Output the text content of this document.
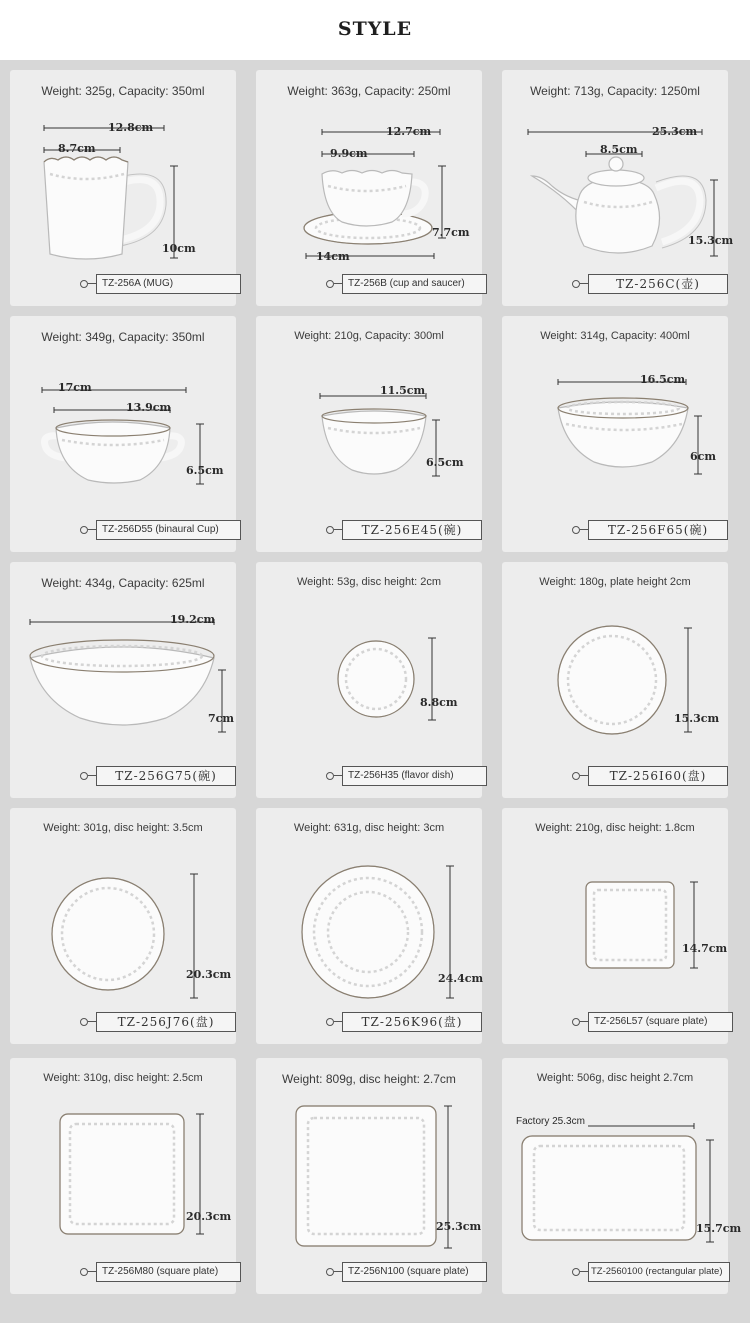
STYLE
Weight: 325g, Capacity: 350ml
12.8cm
8.7cm
10cm
TZ-256A (MUG)
Weight: 363g, Capacity: 250ml
12.7cm
9.9cm
7.7cm
14cm
TZ-256B (cup and saucer)
Weight: 713g, Capacity: 1250ml
25.3cm
8.5cm
15.3cm
TZ-256C(壶)
Weight: 349g, Capacity: 350ml
17cm
13.9cm
6.5cm
TZ-256D55 (binaural Cup)
Weight: 210g, Capacity: 300ml
11.5cm
6.5cm
TZ-256E45(碗)
Weight: 314g, Capacity: 400ml
16.5cm
6cm
TZ-256F65(碗)
Weight: 434g, Capacity: 625ml
19.2cm
7cm
TZ-256G75(碗)
Weight: 53g, disc height: 2cm
8.8cm
TZ-256H35 (flavor dish)
Weight: 180g, plate height 2cm
15.3cm
TZ-256I60(盘)
Weight: 301g, disc height: 3.5cm
20.3cm
TZ-256J76(盘)
Weight: 631g, disc height: 3cm
24.4cm
TZ-256K96(盘)
Weight: 210g, disc height: 1.8cm
14.7cm
TZ-256L57 (square plate)
Weight: 310g, disc height: 2.5cm
20.3cm
TZ-256M80 (square plate)
Weight: 809g, disc height: 2.7cm
25.3cm
TZ-256N100 (square plate)
Weight: 506g, disc height 2.7cm
Factory 25.3cm
15.7cm
TZ-2560100 (rectangular plate)
